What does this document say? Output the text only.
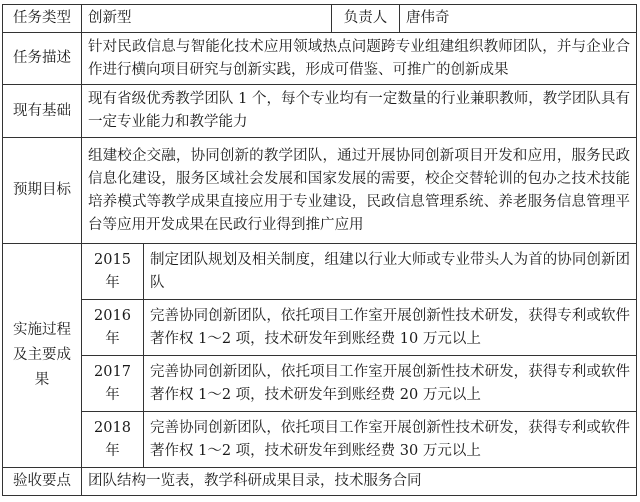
任务类型	创新型		负责人	唐伟奇
任务描述	针对民政信息与智能化技术应用领域热点问题跨专业组建组织教师团队，并与企业合作进行横向项目研究与创新实践，形成可借鉴、可推广的创新成果			
现有基础	现有省级优秀教学团队 1 个，每个专业均有一定数量的行业兼职教师，教学团队具有一定专业能力和教学能力			
预期目标	组建校企交融，协同创新的教学团队，通过开展协同创新项目开发和应用，服务民政信息化建设，服务区域社会发展和国家发展的需要，校企交替轮训的包办之技术技能培养模式等教学成果直接应用于专业建设，民政信息管理系统、养老服务信息管理平台等应用开发成果在民政行业得到推广应用			
实施过程及主要成果	2015 年	制定团队规划及相关制度，组建以行业大师或专业带头人为首的协同创新团队		
	2016 年	完善协同创新团队，依托项目工作室开展创新性技术研发，获得专利或软件著作权 1～2 项，技术研发年到账经费 10 万元以上		
	2017 年	完善协同创新团队，依托项目工作室开展创新性技术研发，获得专利或软件著作权 1～2 项，技术研发年到账经费 20 万元以上		
	2018 年	完善协同创新团队，依托项目工作室开展创新性技术研发，获得专利或软件著作权 1～2 项，技术研发年到账经费 30 万元以上		
验收要点	团队结构一览表，教学科研成果目录，技术服务合同			
